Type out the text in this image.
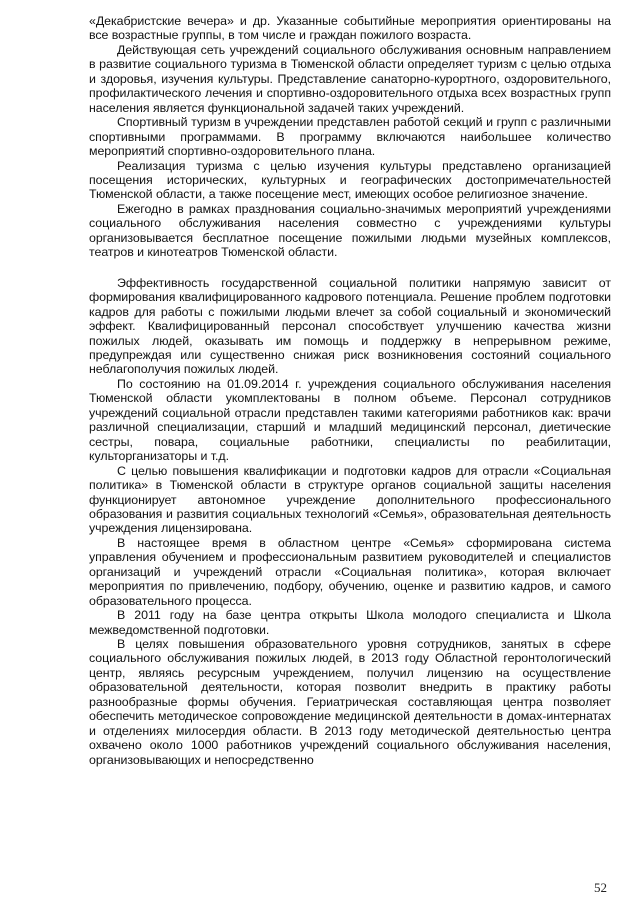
«Декабристские вечера» и др. Указанные событийные мероприятия ориентированы на все возрастные группы, в том числе и граждан пожилого возраста.

Действующая сеть учреждений социального обслуживания основным направлением в развитие социального туризма в Тюменской области определяет туризм с целью отдыха и здоровья, изучения культуры. Представление санаторно-курортного, оздоровительного, профилактического лечения и спортивно-оздоровительного отдыха всех возрастных групп населения является функциональной задачей таких учреждений.

Спортивный туризм в учреждении представлен работой секций и групп с различными спортивными программами. В программу включаются наибольшее количество мероприятий спортивно-оздоровительного плана.

Реализация туризма с целью изучения культуры представлено организацией посещения исторических, культурных и географических достопримечательностей Тюменской области, а также посещение мест, имеющих особое религиозное значение.

Ежегодно в рамках празднования социально-значимых мероприятий учреждениями социального обслуживания населения совместно с учреждениями культуры организовывается бесплатное посещение пожилыми людьми музейных комплексов, театров и кинотеатров Тюменской области.

Эффективность государственной социальной политики напрямую зависит от формирования квалифицированного кадрового потенциала. Решение проблем подготовки кадров для работы с пожилыми людьми влечет за собой социальный и экономический эффект. Квалифицированный персонал способствует улучшению качества жизни пожилых людей, оказывать им помощь и поддержку в непрерывном режиме, предупреждая или существенно снижая риск возникновения состояний социального неблагополучия пожилых людей.

По состоянию на 01.09.2014 г. учреждения социального обслуживания населения Тюменской области укомплектованы в полном объеме. Персонал сотрудников учреждений социальной отрасли представлен такими категориями работников как: врачи различной специализации, старший и младший медицинский персонал, диетические сестры, повара, социальные работники, специалисты по реабилитации, культорганизаторы и т.д.

С целью повышения квалификации и подготовки кадров для отрасли «Социальная политика» в Тюменской области в структуре органов социальной защиты населения функционирует автономное учреждение дополнительного профессионального образования и развития социальных технологий «Семья», образовательная деятельность учреждения лицензирована.

В настоящее время в областном центре «Семья» сформирована система управления обучением и профессиональным развитием руководителей и специалистов организаций и учреждений отрасли «Социальная политика», которая включает мероприятия по привлечению, подбору, обучению, оценке и развитию кадров, и самого образовательного процесса.

В 2011 году на базе центра открыты Школа молодого специалиста и Школа межведомственной подготовки.

В целях повышения образовательного уровня сотрудников, занятых в сфере социального обслуживания пожилых людей, в 2013 году Областной геронтологический центр, являясь ресурсным учреждением, получил лицензию на осуществление образовательной деятельности, которая позволит внедрить в практику работы разнообразные формы обучения. Гериатрическая составляющая центра позволяет обеспечить методическое сопровождение медицинской деятельности в домах-интернатах и отделениях милосердия области. В 2013 году методической деятельностью центра охвачено около 1000 работников учреждений социального обслуживания населения, организовывающих и непосредственно

52
